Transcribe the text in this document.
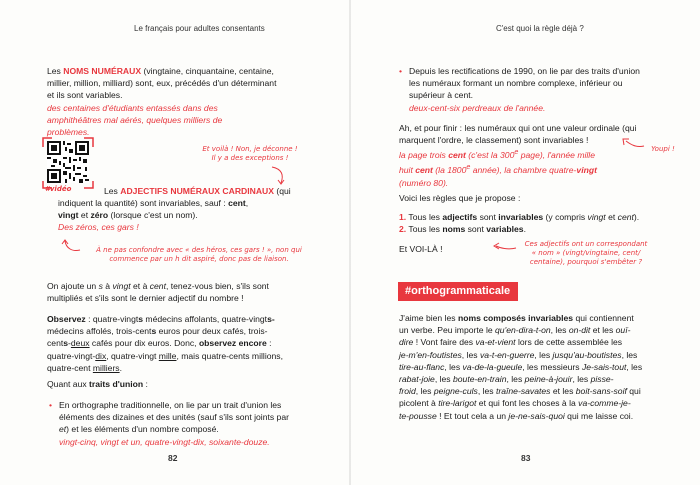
Le français pour adultes consentants

Les NOMS NUMÉRAUX (vingtaine, cinquantaine, centaine,

millier, million, milliard) sont, eux, précédés d'un déterminant

et ils sont variables.

des centaines d'étudiants entassés dans des

amphithéâtres mal aérés, quelques milliers de

problèmes.

#vidéo
Et voilà ! Non, je déconne !
Il y a des exceptions !

Les ADJECTIFS NUMÉRAUX CARDINAUX (qui

indiquent la quantité) sont invariables, sauf : cent,

vingt et zéro (lorsque c'est un nom).

Des zéros, ces gars !

À ne pas confondre avec « des héros, ces gars ! », non qui
commence par un h dit aspiré, donc pas de liaison.

On ajoute un s à vingt et à cent, tenez-vous bien, s'ils sont

multipliés et s'ils sont le dernier adjectif du nombre !

Observez : quatre-vingts médecins affolants, quatre-vingts-

médecins affolés, trois-cents euros pour deux cafés, trois-

cents-deux cafés pour dix euros. Donc, observez encore :

quatre-vingt-dix, quatre-vingt mille, mais quatre-cents millions,

quatre-cent milliers.

Quant aux traits d'union :

• En orthographe traditionnelle, on lie par un trait d'union les

éléments des dizaines et des unités (sauf s'ils sont joints par

et) et les éléments d'un nombre composé.

vingt-cinq, vingt et un, quatre-vingt-dix, soixante-douze.

82
C'est quoi la règle déjà ?
• Depuis les rectifications de 1990, on lie par des traits d'union

les numéraux formant un nombre complexe, inférieur ou

supérieur à cent.

deux-cent-six perdreaux de l'année.

Ah, et pour finir : les numéraux qui ont une valeur ordinale (qui

marquent l'ordre, le classement) sont invariables !

la page trois cent (c'est la 300e page), l'année mille

huit cent (la 1800e année), la chambre quatre-vingt

(numéro 80).

Youpi !
Voici les règles que je propose :

1. Tous les adjectifs sont invariables (y compris vingt et cent).

2. Tous les noms sont variables.

Et VOI-LÀ !	Ces adjectifs ont un correspondant
« nom » (vingt/vingtaine, cent/
centaine), pourquoi s'embêter ?

J'aime bien les noms composés invariables qui contiennent

un verbe. Peu importe le qu'en-dira-t-on, les on-dit et les ouï-

dire ! Vont faire des va-et-vient lors de cette assemblée les

je-m'en-foutistes, les va-t-en-guerre, les jusqu'au-boutistes, les

tire-au-flanc, les va-de-la-gueule, les messieurs Je-sais-tout, les

rabat-joie, les boute-en-train, les peine-à-jouir, les pisse-

froid, les peigne-culs, les traîne-savates et les boit-sans-soif qui

picolent à tire-larigot et qui font les choses à la va-comme-je-

te-pousse ! Et tout cela a un je-ne-sais-quoi qui me laisse coi.

83
#orthogrammaticale
